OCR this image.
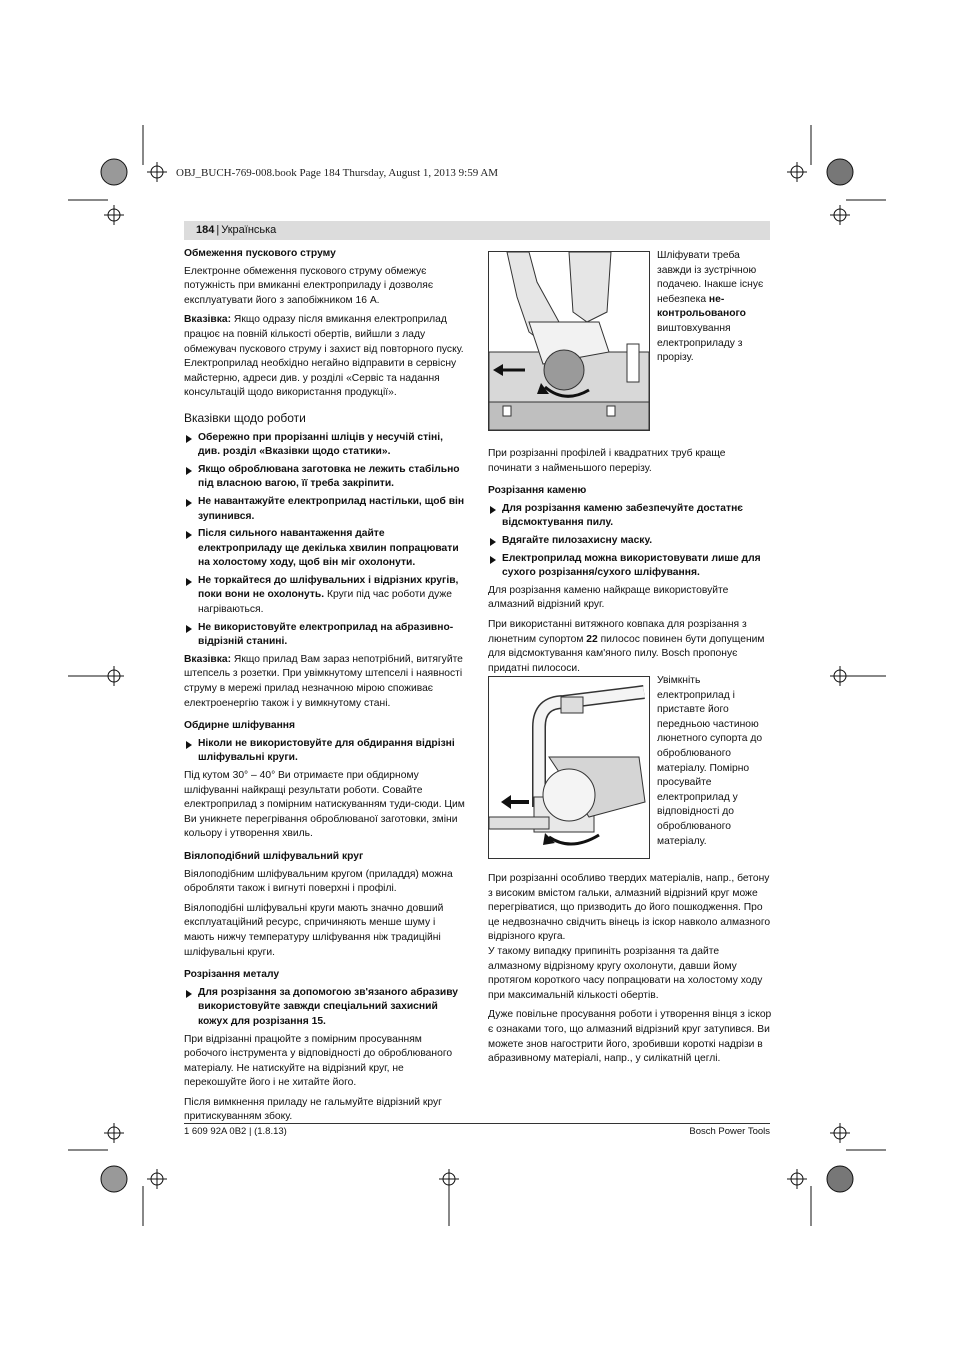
OBJ_BUCH-769-008.book Page 184 Thursday, August 1, 2013 9:59 AM
184 | Українська
Обмеження пускового струму

Електронне обмеження пускового струму обмежує потужність при вмиканні електроприладу і дозволяє експлуатувати його з запобіжником 16 А.

Вказівка: Якщо одразу після вмикання електроприлад працює на повній кількості обертів, вийшли з ладу обмежувач пускового струму і захист від повторного пуску. Електроприлад необхідно негайно відправити в сервісну майстерню, адреси див. у розділі «Сервіс та надання консультацій щодо використання продукції».

Вказівки щодо роботи
Обережно при прорізанні шліців у несучій стіні, див. розділ «Вказівки щодо статики».
Якщо оброблювана заготовка не лежить стабільно під власною вагою, її треба закріпити.
Не навантажуйте електроприлад настільки, щоб він зупинився.
Після сильного навантаження дайте електроприладу ще декілька хвилин попрацювати на холостому ходу, щоб він міг охолонути.
Не торкайтеся до шліфувальних і відрізних кругів, поки вони не охолонуть. Круги під час роботи дуже нагріваються.
Не використовуйте електроприлад на абразивно-відрізній станині.

Вказівка: Якщо прилад Вам зараз непотрібний, витягуйте штепсель з розетки. При увімкнутому штепселі і наявності струму в мережі прилад незначною мірою споживає електроенергію також і у вимкнутому стані.

Обдирне шліфування
Ніколи не використовуйте для обдирання відрізні шліфувальні круги.

Під кутом 30° – 40° Ви отримаєте при обдирному шліфуванні найкращі результати роботи. Совайте електроприлад з помірним натискуванням туди-сюди. Цим Ви уникнете перегрівання оброблюваної заготовки, зміни кольору і утворення хвиль.

Віялоподібний шліфувальний круг

Віялоподібним шліфувальним кругом (приладдя) можна обробляти також і вигнуті поверхні і профілі.

Віялоподібні шліфувальні круги мають значно довший експлуатаційний ресурс, спричиняють менше шуму і мають нижчу температуру шліфування ніж традиційні шліфувальні круги.

Розрізання металу
Для розрізання за допомогою зв'язаного абразиву використовуйте завжди спеціальний захисний кожух для розрізання 15.

При відрізанні працюйте з помірним просуванням робочого інструмента у відповідності до оброблюваного матеріалу. Не натискуйте на відрізний круг, не перекошуйте його і не хитайте його.

Після вимкнення приладу не гальмуйте відрізний круг притискуванням збоку.

Шліфувати треба завжди із зустрічною подачею. Інакше існує небезпека не-контрольованого виштовхування електроприладу з прорізу.

При розрізанні профілей і квадратних труб краще починати з найменьшого перерізу.

Розрізання каменю
Для розрізання каменю забезпечуйте достатнє відсмоктування пилу.
Вдягайте пилозахисну маску.
Електроприлад можна використовувати лише для сухого розрізання/сухого шліфування.

Для розрізання каменю найкраще використовуйте алмазний відрізний круг.

При використанні витяжного ковпака для розрізання з люнетним супортом 22 пилосос повинен бути допущеним для відсмоктування кам'яного пилу. Bosch пропонує придатні пилососи.

Увімкніть електроприлад і приставте його передньою частиною люнетного супорта до оброблюваного матеріалу. Помірно просувайте електроприлад у відповідності до оброблюваного матеріалу.

При розрізанні особливо твердих матеріалів, напр., бетону з високим вмістом гальки, алмазний відрізний круг може перегріватися, що призводить до його пошкодження. Про це недвозначно свідчить вінець із іскор навколо алмазного відрізного круга.

У такому випадку припиніть розрізання та дайте алмазному відрізному кругу охолонути, давши йому протягом короткого часу попрацювати на холостому ходу при максимальній кількості обертів.

Дуже повільне просування роботи і утворення вінця з іскор є ознаками того, що алмазний відрізний круг затупився. Ви можете знов нагострити його, зробивши короткі надрізи в абразивному матеріалі, напр., у силікатній цеглі.

1 609 92A 0B2 | (1.8.13)	Bosch Power Tools
